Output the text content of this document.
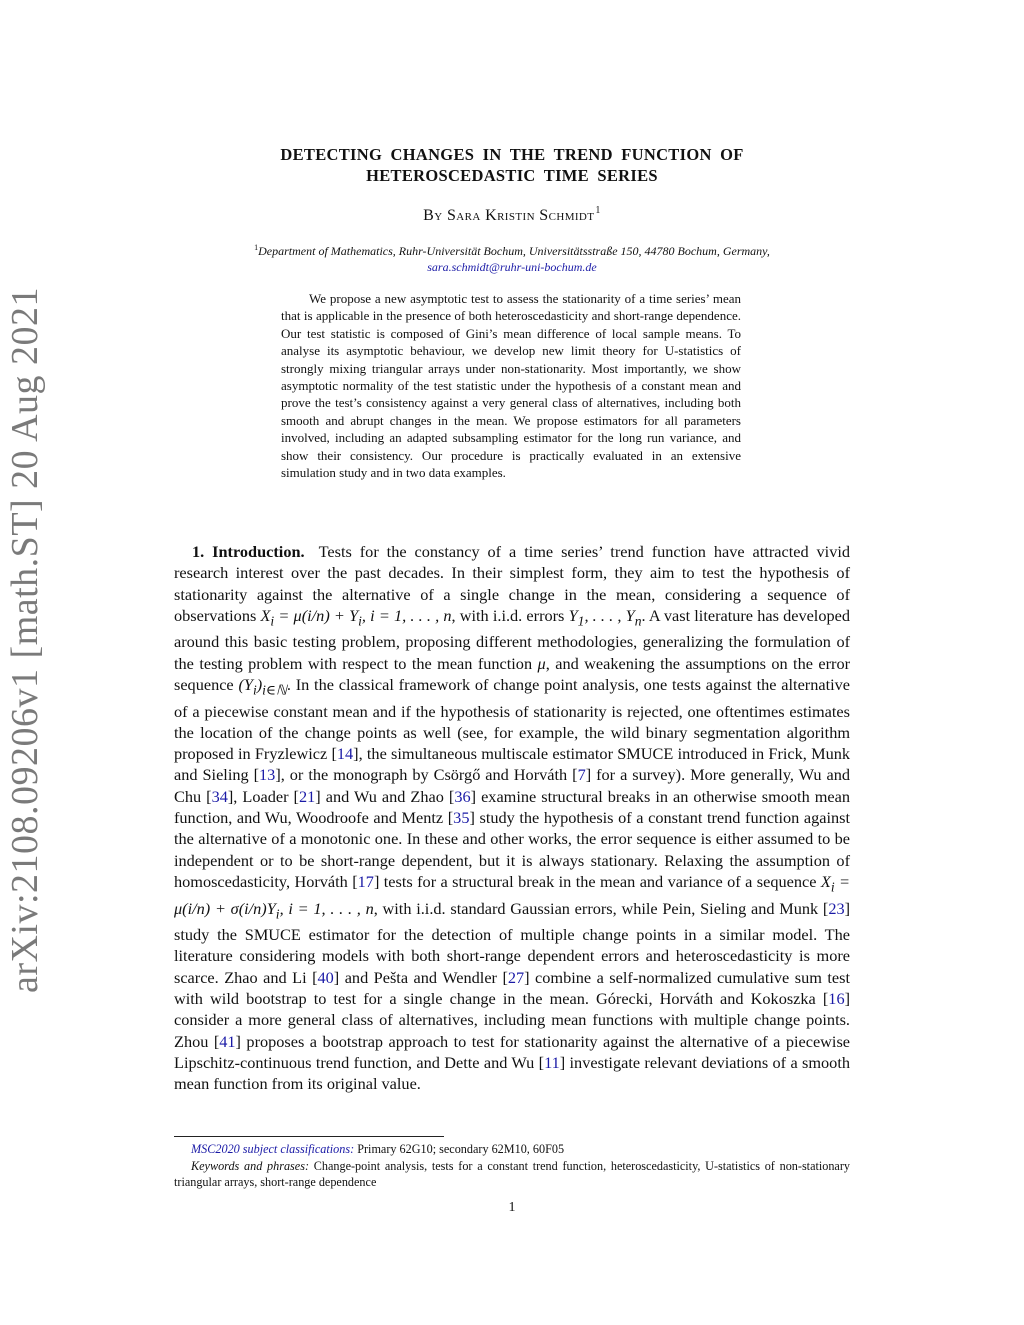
arXiv:2108.09206v1 [math.ST] 20 Aug 2021
DETECTING CHANGES IN THE TREND FUNCTION OF
HETEROSCEDASTIC TIME SERIES
By Sara Kristin Schmidt$^1$
$^1$Department of Mathematics, Ruhr-Universität Bochum, Universitätsstraße 150, 44780 Bochum, Germany,
sara.schmidt@ruhr-uni-bochum.de

We propose a new asymptotic test to assess the stationarity of a time series’ mean that is applicable in the presence of both heteroscedasticity and short-range dependence. Our test statistic is composed of Gini’s mean difference of local sample means. To analyse its asymptotic behaviour, we develop new limit theory for U-statistics of strongly mixing triangular arrays under non-stationarity. Most importantly, we show asymptotic normality of the test statistic under the hypothesis of a constant mean and prove the test’s consistency against a very general class of alternatives, including both smooth and abrupt changes in the mean. We propose estimators for all parameters involved, including an adapted subsampling estimator for the long run variance, and show their consistency. Our procedure is practically evaluated in an extensive simulation study and in two data examples.

1. Introduction. Tests for the constancy of a time series’ trend function have attracted vivid research interest over the past decades. In their simplest form, they aim to test the hypothesis of stationarity against the alternative of a single change in the mean, considering a sequence of observations $X_i = \mu(i/n) + Y_i$, i = 1, . . . , n, with i.i.d. errors $Y_1$, . . . , $Y_n$. A vast literature has developed around this basic testing problem, proposing different methodologies, generalizing the formulation of the testing problem with respect to the mean function μ, and weakening the assumptions on the error sequence $(Y_i)_{i\in ℕ}$. In the classical framework of change point analysis, one tests against the alternative of a piecewise constant mean and if the hypothesis of stationarity is rejected, one oftentimes estimates the location of the change points as well (see, for example, the wild binary segmentation algorithm proposed in Fryzlewicz [14], the simultaneous multiscale estimator SMUCE introduced in Frick, Munk and Sieling [13], or the monograph by Csörgő and Horváth [7] for a survey). More generally, Wu and Chu [34], Loader [21] and Wu and Zhao [36] examine structural breaks in an otherwise smooth mean function, and Wu, Woodroofe and Mentz [35] study the hypothesis of a constant trend function against the alternative of a monotonic one. In these and other works, the error sequence is either assumed to be independent or to be short-range dependent, but it is always stationary. Relaxing the assumption of homoscedasticity, Horváth [17] tests for a structural break in the mean and variance of a sequence $X_i = \mu(i/n) + \sigma(i/n)Y_i$, i = 1, . . . , n, with i.i.d. standard Gaussian errors, while Pein, Sieling and Munk [23] study the SMUCE estimator for the detection of multiple change points in a similar model. The literature considering models with both short-range dependent errors and heteroscedasticity is more scarce. Zhao and Li [40] and Pešta and Wendler [27] combine a self-normalized cumulative sum test with wild bootstrap to test for a single change in the mean. Górecki, Horváth and Kokoszka [16] consider a more general class of alternatives, including mean functions with multiple change points. Zhou [41] proposes a bootstrap approach to test for stationarity against the alternative of a piecewise Lipschitz-continuous trend function, and Dette and Wu [11] investigate relevant deviations of a smooth mean function from its original value.

MSC2020 subject classifications: Primary 62G10; secondary 62M10, 60F05

Keywords and phrases: Change-point analysis, tests for a constant trend function, heteroscedasticity, U-statistics of non-stationary triangular arrays, short-range dependence

1
